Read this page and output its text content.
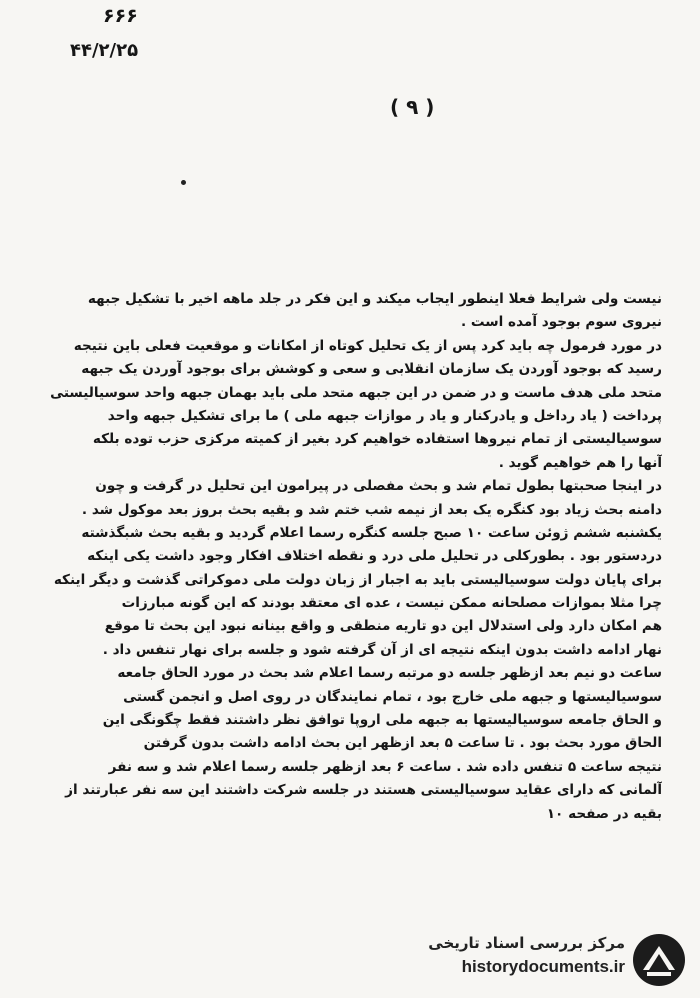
۶۶۶
۴۴/۲/۲۵
( ۹ )
نیست ولی شرایط فعلا اینطور ایجاب میکند و این فکر در جلد ماهه اخیر با تشکیل جبهه
نیروی سوم بوجود آمده است .
در مورد فرمول چه باید کرد پس از یک تحلیل کوتاه از امکانات و موقعیت فعلی باین نتیجه
رسید که بوجود آوردن یک سازمان انقلابی و سعی و کوشش برای بوجود آوردن یک جبهه
متحد ملی هدف ماست و در ضمن در این جبهه متحد ملی باید بهمان جبهه واحد سوسیالیستی
پرداخت ( یاد رداخل و یادرکنار و یاد ر موازات جبهه ملی ) ما برای تشکیل جبهه واحد
سوسیالیستی از تمام نیروها استفاده خواهیم کرد بغیر از کمیته مرکزی حزب توده بلکه
آنها را هم خواهیم گوید .
در اینجا صحبتها بطول تمام شد و بحث مفصلی در پیرامون این تحلیل در گرفت و چون
دامنه بحث زیاد بود کنگره یک بعد از نیمه شب ختم شد و بقیه بحث بروز بعد موکول شد .
یکشنبه ششم ژوئن ساعت ۱۰ صبح جلسه کنگره رسما اعلام گردید و بقیه بحث شبگذشته
دردستور بود . بطورکلی در تحلیل ملی درد و نقطه اختلاف افکار وجود داشت یکی اینکه
برای پایان دولت سوسیالیستی باید به اجبار از زبان دولت ملی دموکراتی گذشت و دیگر اینکه
چرا مثلا بموازات مصلحانه ممکن نیست ، عده ای معتقد بودند که این گونه مبارزات
هم امکان دارد ولی استدلال این دو تاریه منطقی و واقع بینانه نبود این بحث تا موقع
نهار ادامه داشت بدون اینکه نتیجه ای از آن گرفته شود و جلسه برای نهار تنفس داد .
ساعت دو نیم بعد ازظهر جلسه دو مرتبه رسما اعلام شد بحث در مورد الحاق جامعه
سوسیالیستها و جبهه ملی خارج بود ، تمام نمایندگان در روی اصل و انجمن گستی
و الحاق جامعه سوسیالیستها به جبهه ملی اروپا توافق نظر داشتند فقط چگونگی این
الحاق مورد بحث بود . تا ساعت ۵ بعد ازظهر این بحث ادامه داشت بدون گرفتن
نتیجه ساعت ۵ تنفس داده شد . ساعت ۶ بعد ازظهر جلسه رسما اعلام شد و سه نفر
آلمانی که دارای عقاید سوسیالیستی هستند در جلسه شرکت داشتند این سه نفر عبارتند از
بقیه در صفحه ۱۰
مرکز بررسی اسناد تاریخی
historydocuments.ir
